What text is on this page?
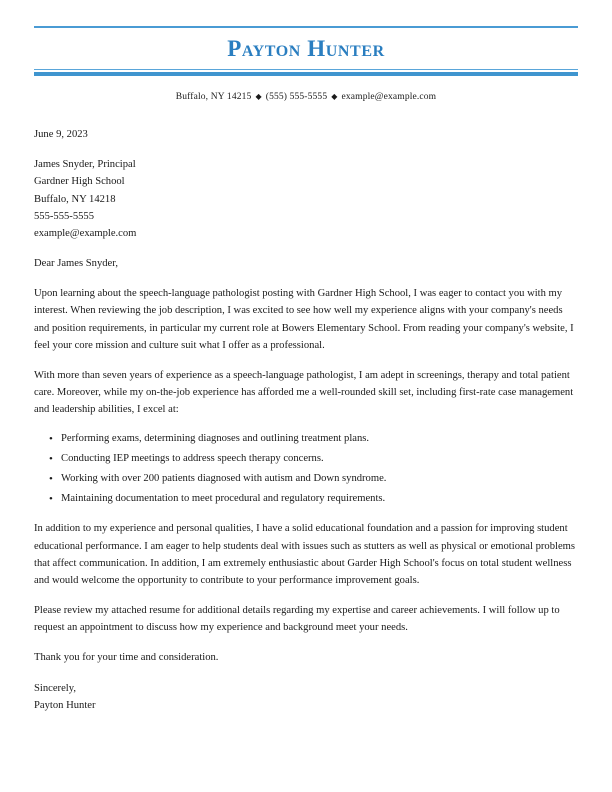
Payton Hunter
Buffalo, NY 14215 ◆ (555) 555-5555 ◆ example@example.com
June 9, 2023
James Snyder, Principal
Gardner High School
Buffalo, NY 14218
555-555-5555
example@example.com
Dear James Snyder,

Upon learning about the speech-language pathologist posting with Gardner High School, I was eager to contact you with my interest. When reviewing the job description, I was excited to see how well my experience aligns with your company's needs and position requirements, in particular my current role at Bowers Elementary School. From reading your company's website, I feel your core mission and culture suit what I offer as a professional.

With more than seven years of experience as a speech-language pathologist, I am adept in screenings, therapy and total patient care. Moreover, while my on-the-job experience has afforded me a well-rounded skill set, including first-rate case management and leadership abilities, I excel at:

• Performing exams, determining diagnoses and outlining treatment plans.
• Conducting IEP meetings to address speech therapy concerns.
• Working with over 200 patients diagnosed with autism and Down syndrome.
• Maintaining documentation to meet procedural and regulatory requirements.

In addition to my experience and personal qualities, I have a solid educational foundation and a passion for improving student educational performance. I am eager to help students deal with issues such as stutters as well as physical or emotional problems that affect communication. In addition, I am extremely enthusiastic about Garder High School's focus on total student wellness and would welcome the opportunity to contribute to your performance improvement goals.

Please review my attached resume for additional details regarding my expertise and career achievements. I will follow up to request an appointment to discuss how my experience and background meet your needs.

Thank you for your time and consideration.

Sincerely,
Payton Hunter
